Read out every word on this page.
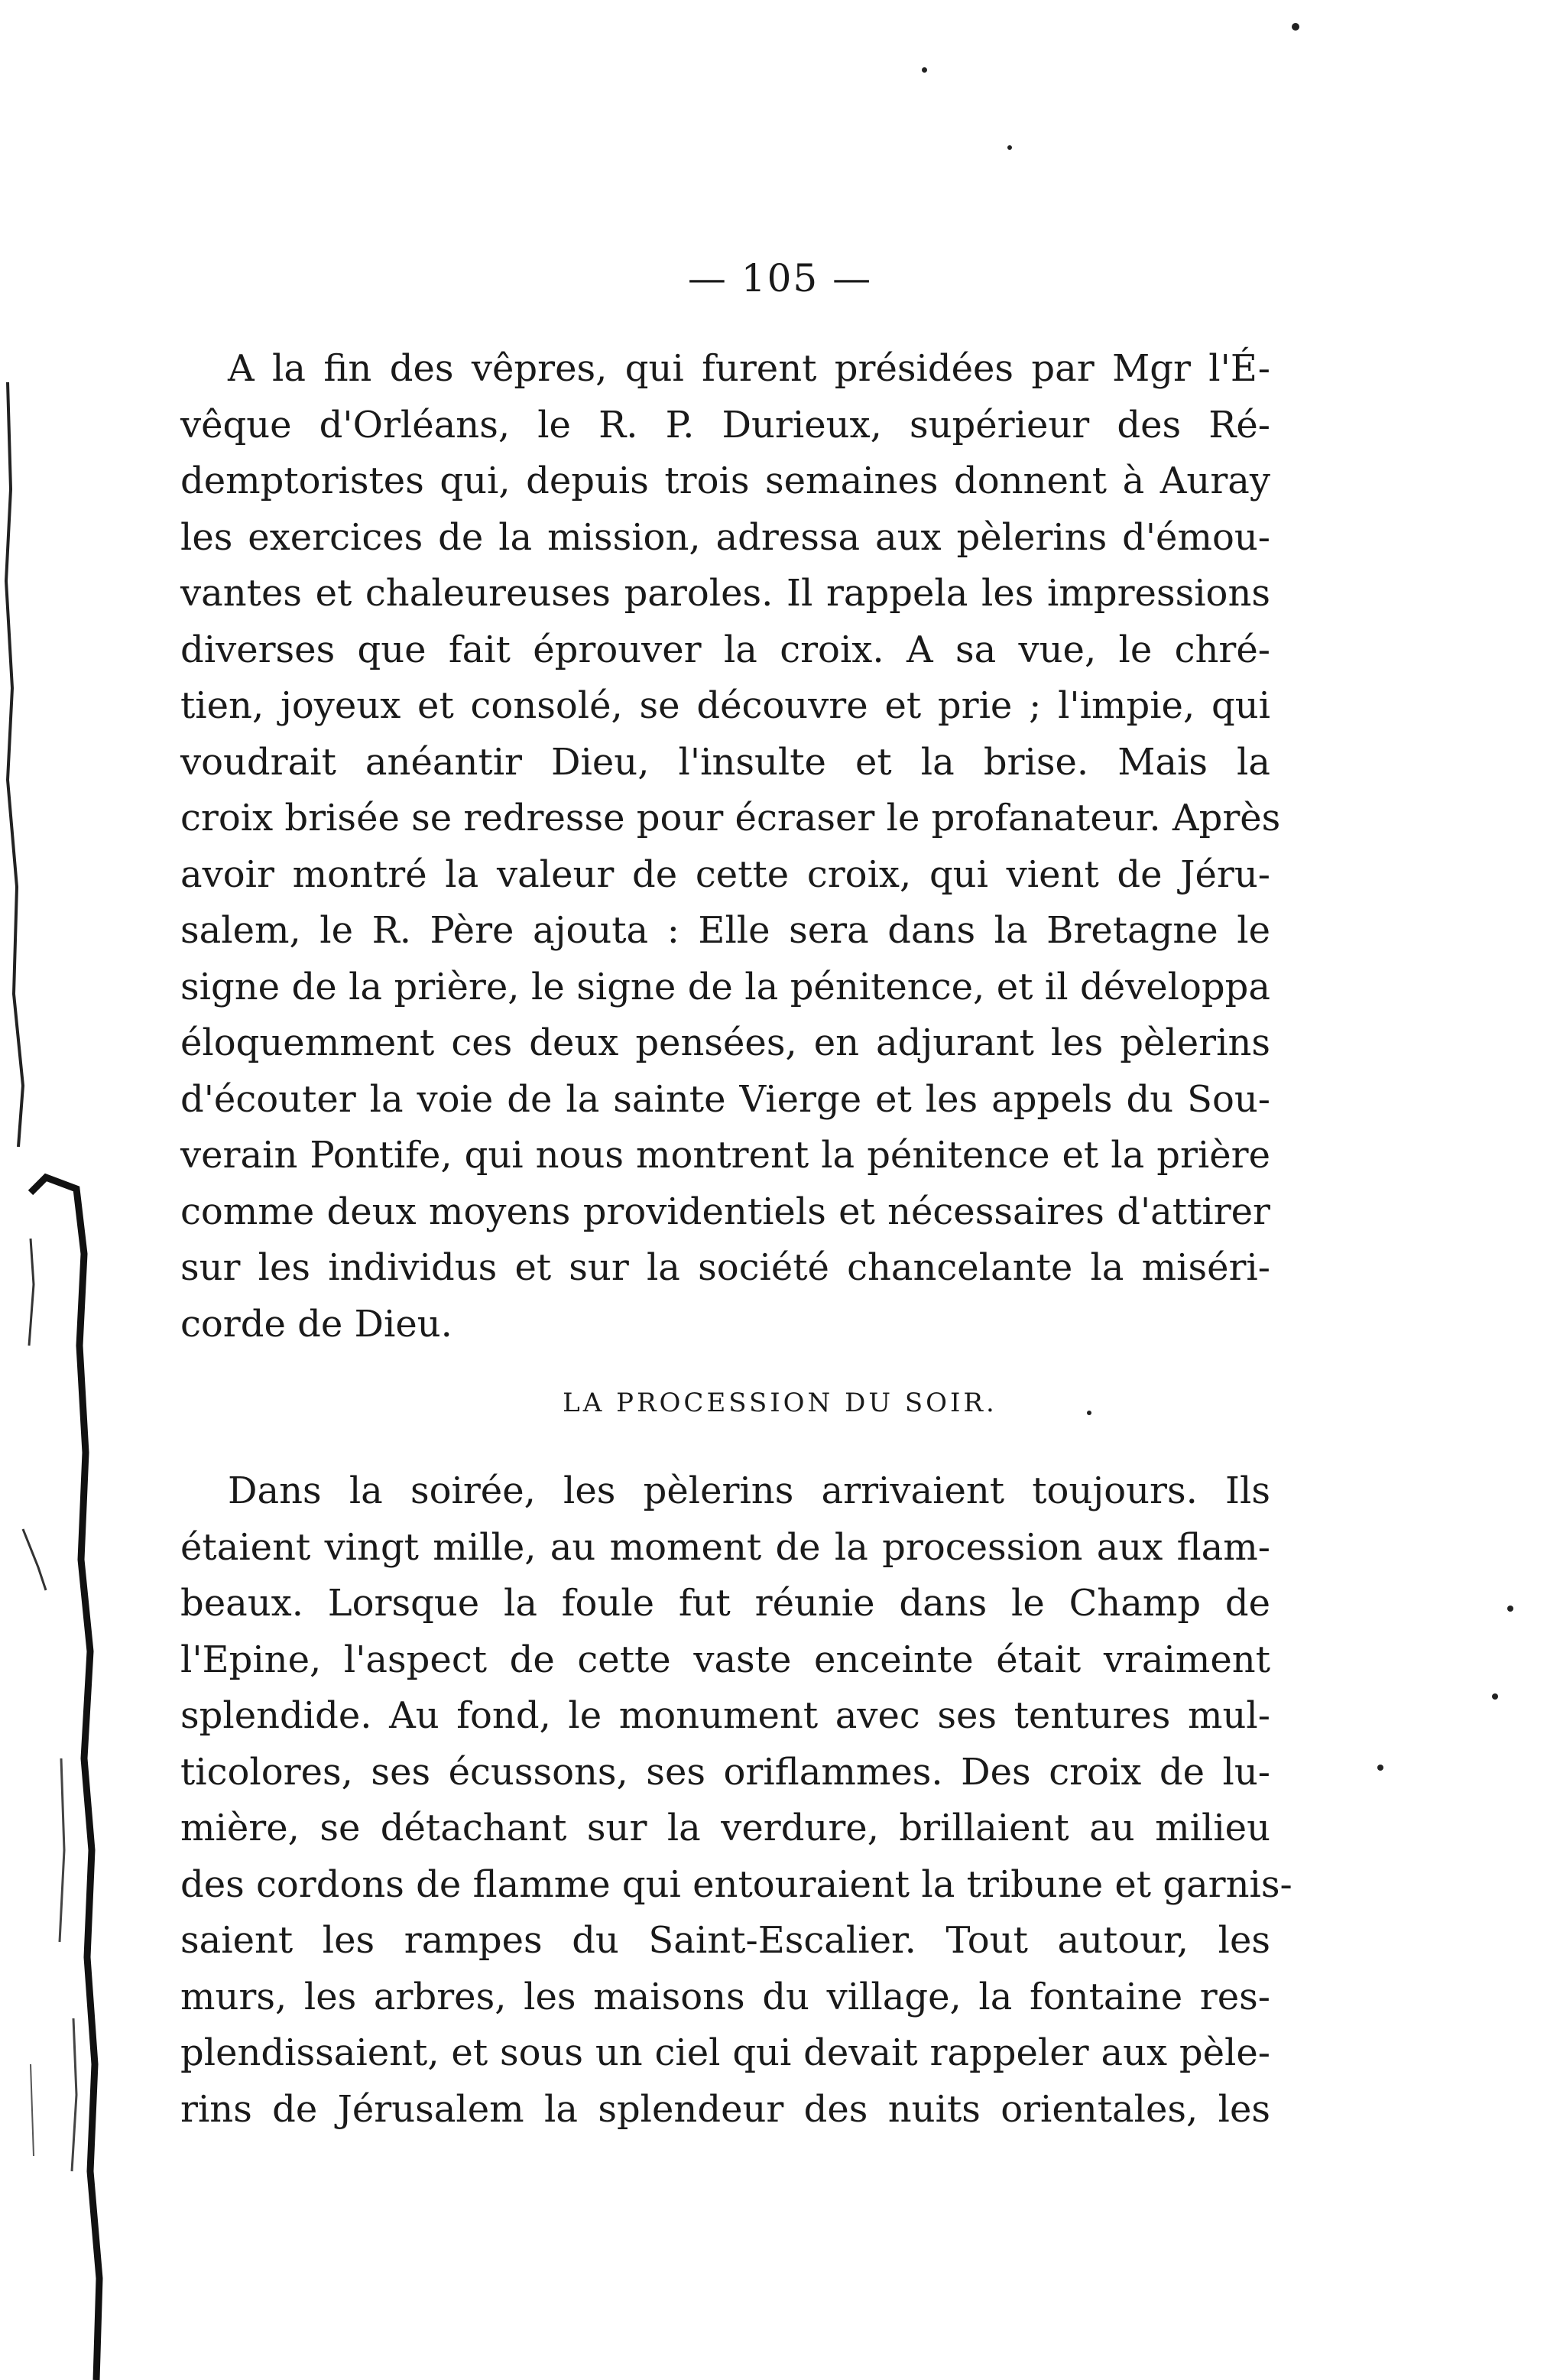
— 105 —
A la fin des vêpres, qui furent présidées par Mgr l'É-
vêque d'Orléans, le R. P. Durieux, supérieur des Ré-
demptoristes qui, depuis trois semaines donnent à Auray
les exercices de la mission, adressa aux pèlerins d'émou-
vantes et chaleureuses paroles. Il rappela les impressions
diverses que fait éprouver la croix. A sa vue, le chré-
tien, joyeux et consolé, se découvre et prie ; l'impie, qui
voudrait anéantir Dieu, l'insulte et la brise. Mais la
croix brisée se redresse pour écraser le profanateur. Après
avoir montré la valeur de cette croix, qui vient de Jéru-
salem, le R. Père ajouta : Elle sera dans la Bretagne le
signe de la prière, le signe de la pénitence, et il développa
éloquemment ces deux pensées, en adjurant les pèlerins
d'écouter la voie de la sainte Vierge et les appels du Sou-
verain Pontife, qui nous montrent la pénitence et la prière
comme deux moyens providentiels et nécessaires d'attirer
sur les individus et sur la société chancelante la miséri-
corde de Dieu.
LA PROCESSION DU SOIR.
Dans la soirée, les pèlerins arrivaient toujours. Ils
étaient vingt mille, au moment de la procession aux flam-
beaux. Lorsque la foule fut réunie dans le Champ de
l'Epine, l'aspect de cette vaste enceinte était vraiment
splendide. Au fond, le monument avec ses tentures mul-
ticolores, ses écussons, ses oriflammes. Des croix de lu-
mière, se détachant sur la verdure, brillaient au milieu
des cordons de flamme qui entouraient la tribune et garnis-
saient les rampes du Saint-Escalier. Tout autour, les
murs, les arbres, les maisons du village, la fontaine res-
plendissaient, et sous un ciel qui devait rappeler aux pèle-
rins de Jérusalem la splendeur des nuits orientales, les
